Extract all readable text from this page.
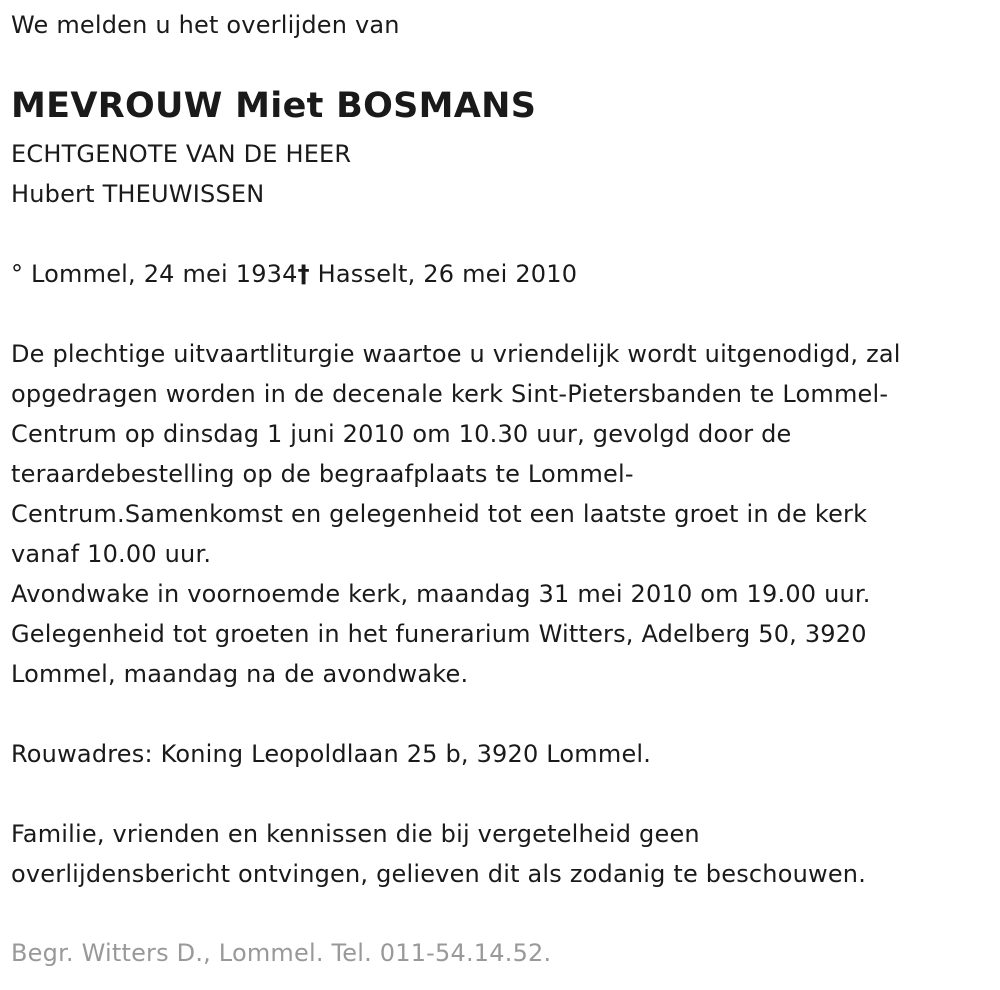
We melden u het overlijden van
MEVROUW Miet BOSMANS
ECHTGENOTE VAN DE HEER
Hubert THEUWISSEN
° Lommel, 24 mei 1934† Hasselt, 26 mei 2010
De plechtige uitvaartliturgie waartoe u vriendelijk wordt uitgenodigd, zal
opgedragen worden in de decenale kerk Sint-Pietersbanden te Lommel-
Centrum op dinsdag 1 juni 2010 om 10.30 uur, gevolgd door de
teraardebestelling op de begraafplaats te Lommel-
Centrum.Samenkomst en gelegenheid tot een laatste groet in de kerk
vanaf 10.00 uur.
Avondwake in voornoemde kerk, maandag 31 mei 2010 om 19.00 uur.
Gelegenheid tot groeten in het funerarium Witters, Adelberg 50, 3920
Lommel, maandag na de avondwake.
Rouwadres: Koning Leopoldlaan 25 b, 3920 Lommel.
Familie, vrienden en kennissen die bij vergetelheid geen
overlijdensbericht ontvingen, gelieven dit als zodanig te beschouwen.
Begr. Witters D., Lommel. Tel. 011-54.14.52.
